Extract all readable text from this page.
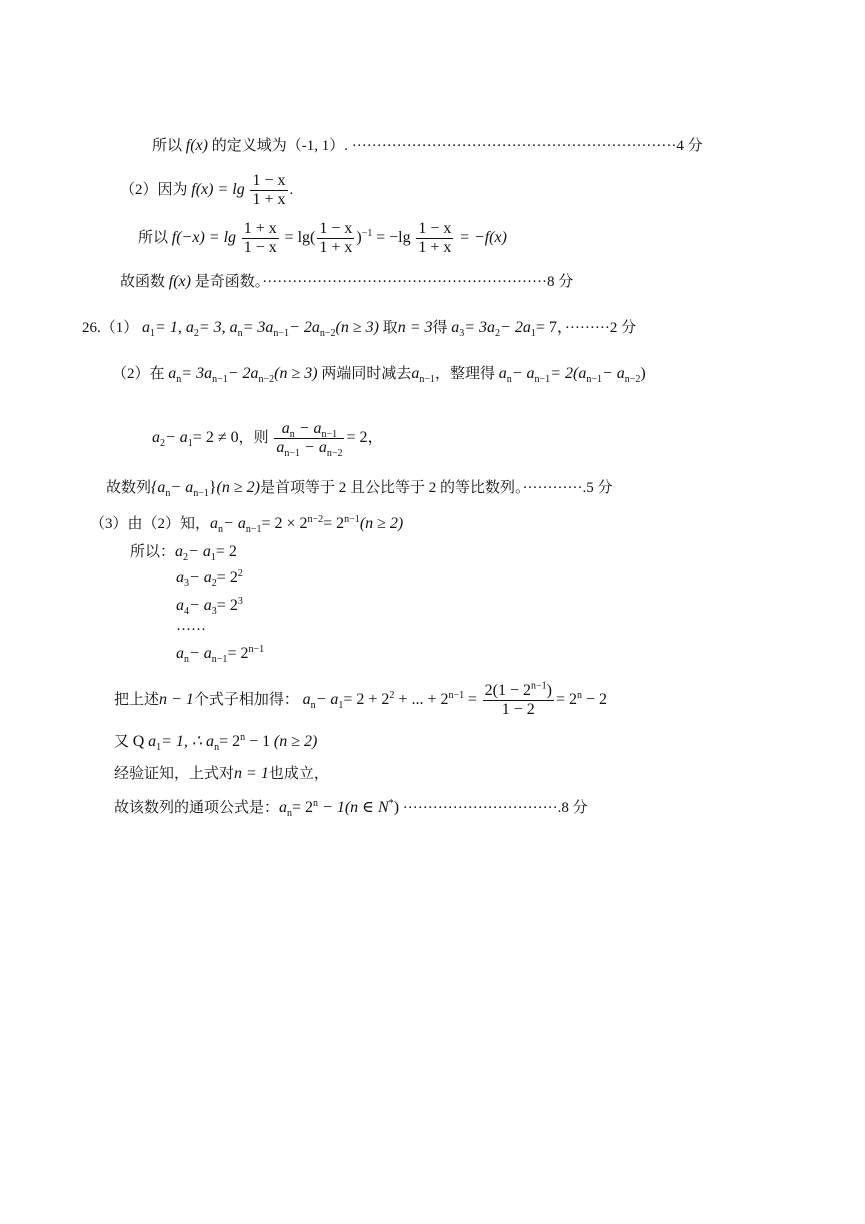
所以 f(x) 的定义域为（-1, 1）. ·································································4 分
（2）因为 $f(x) = \lg \frac{1 - x}{1 + x}$ .
所以 $f(-x) = \lg \frac{1 + x}{1 - x} = \lg( \frac{1 - x}{1 + x} )^{-1} = -\lg \frac{1 - x}{1 + x} = -f(x)$
故函数 f(x) 是奇函数。·························································8 分
26.（1） $a_1= 1$, $a_2= 3$, $a_n= 3a_{n-1}- 2a_{n-2}(n \ge 3)$ 取n = 3得 $a_3= 3a_2- 2a_1= 7$，·········2 分
（2）在 $a_n= 3a_{n-1}- 2a_{n-2}(n \ge 3)$ 两端同时减去$a_{n-1}$，整理得 $a_n- a_{n-1}= 2(a_{n-1}- a_{n-2})$
$a_2- a_1= 2 \ne 0$，则 $\frac{a_n - a_{n-1}}{a_{n-1} - a_{n-2}} = 2$，
故数列$\{a_n- a_{n-1}\}(n \ge 2)$是首项等于 2 且公比等于 2 的等比数列。············.5 分
（3）由（2）知，$a_n- a_{n-1}= 2 \times 2^{n-2}= 2^{n-1}(n \ge 2)$
所以：$a_2- a_1= 2$
$a_3- a_2= 2^2$
$a_4- a_3= 2^3$
······
$a_n- a_{n-1}= 2^{n-1}$
把上述n − 1个式子相加得： $a_n- a_1= 2 + 2^2$ + ... + $2^{n-1} = \frac{2(1 - 2^{n-1})}{1 - 2} = 2^n - 2$
又 Q $a_1= 1$, ∴ $a_n= 2^n - 1$ (n ≥ 2)
经验证知，上式对n = 1也成立，
故该数列的通项公式是：$a_n= 2^n - 1(n$ ∈ N*) ·······························.8 分
